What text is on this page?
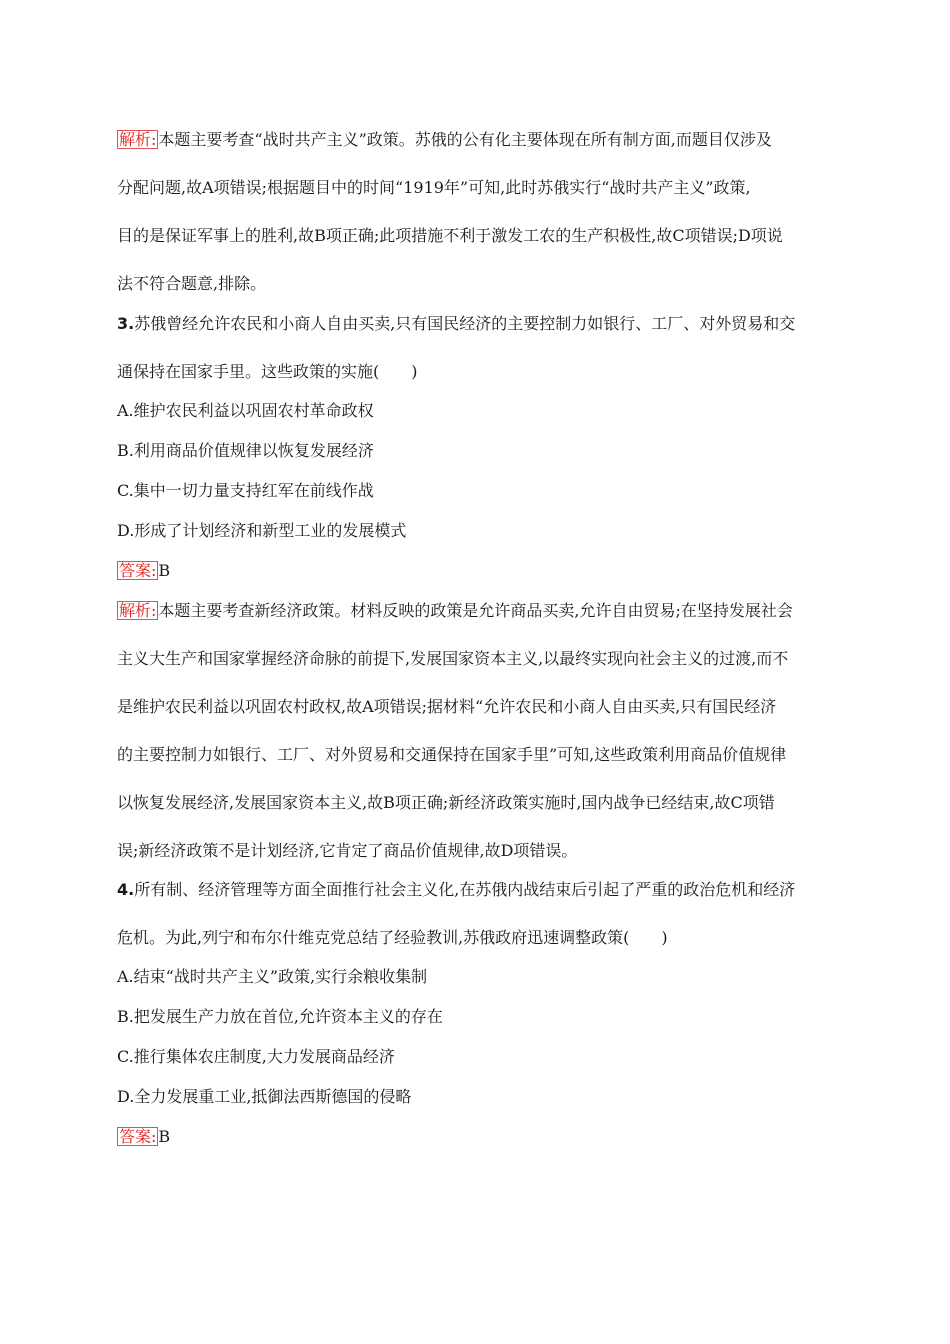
解析: 本题主要考查“战时共产主义”政策。苏俄的公有化主要体现在所有制方面,而题目仅涉及
分配问题,故A项错误;根据题目中的时间“1919年”可知,此时苏俄实行“战时共产主义”政策,
目的是保证军事上的胜利,故B项正确;此项措施不利于激发工农的生产积极性,故C项错误;D项说
法不符合题意,排除。
3.苏俄曾经允许农民和小商人自由买卖,只有国民经济的主要控制力如银行、工厂、对外贸易和交
通保持在国家手里。这些政策的实施(　　)
A.维护农民利益以巩固农村革命政权
B.利用商品价值规律以恢复发展经济
C.集中一切力量支持红军在前线作战
D.形成了计划经济和新型工业的发展模式
答案: B
解析: 本题主要考查新经济政策。材料反映的政策是允许商品买卖,允许自由贸易;在坚持发展社会
主义大生产和国家掌握经济命脉的前提下,发展国家资本主义,以最终实现向社会主义的过渡,而不
是维护农民利益以巩固农村政权,故A项错误;据材料“允许农民和小商人自由买卖,只有国民经济
的主要控制力如银行、工厂、对外贸易和交通保持在国家手里”可知,这些政策利用商品价值规律
以恢复发展经济,发展国家资本主义,故B项正确;新经济政策实施时,国内战争已经结束,故C项错
误;新经济政策不是计划经济,它肯定了商品价值规律,故D项错误。
4.所有制、经济管理等方面全面推行社会主义化,在苏俄内战结束后引起了严重的政治危机和经济
危机。为此,列宁和布尔什维克党总结了经验教训,苏俄政府迅速调整政策(　　)
A.结束“战时共产主义”政策,实行余粮收集制
B.把发展生产力放在首位,允许资本主义的存在
C.推行集体农庄制度,大力发展商品经济
D.全力发展重工业,抵御法西斯德国的侵略
答案: B
